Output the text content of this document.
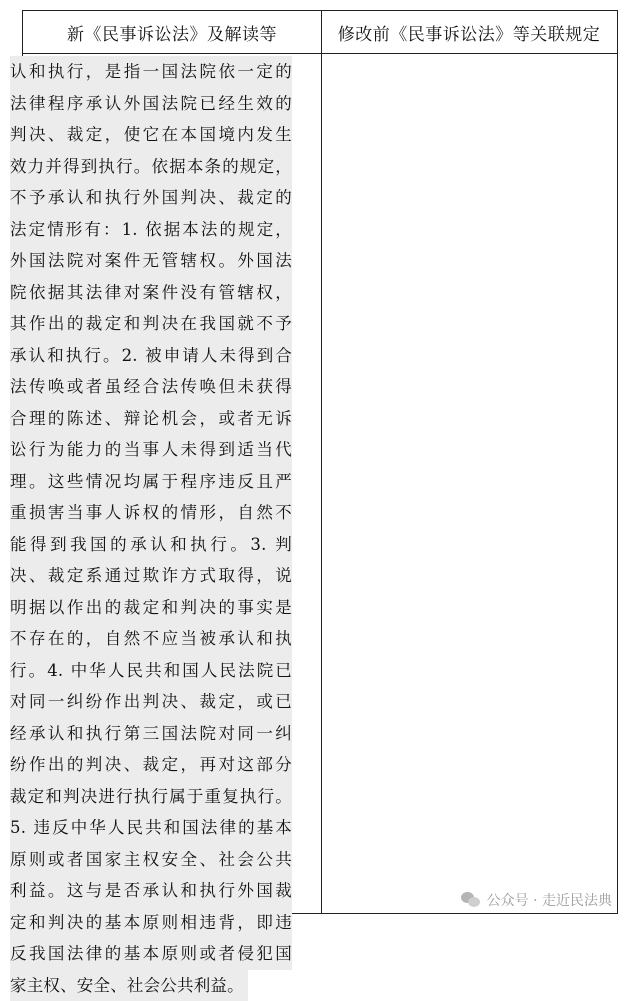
新《民事诉讼法》及解读等	修改前《民事诉讼法》等关联规定
认和执行，是指一国法院依一定的
法律程序承认外国法院已经生效的
判决、裁定，使它在本国境内发生
效力并得到执行。依据本条的规定，
不予承认和执行外国判决、裁定的
法定情形有：1. 依据本法的规定，
外国法院对案件无管辖权。外国法
院依据其法律对案件没有管辖权，
其作出的裁定和判决在我国就不予
承认和执行。2. 被申请人未得到合
法传唤或者虽经合法传唤但未获得
合理的陈述、辩论机会，或者无诉
讼行为能力的当事人未得到适当代
理。这些情况均属于程序违反且严
重损害当事人诉权的情形，自然不
能得到我国的承认和执行。3. 判
决、裁定系通过欺诈方式取得，说
明据以作出的裁定和判决的事实是
不存在的，自然不应当被承认和执
行。4. 中华人民共和国人民法院已
对同一纠纷作出判决、裁定，或已
经承认和执行第三国法院对同一纠
纷作出的判决、裁定，再对这部分
裁定和判决进行执行属于重复执行。
5. 违反中华人民共和国法律的基本
原则或者国家主权安全、社会公共
利益。这与是否承认和执行外国裁
定和判决的基本原则相违背，即违
反我国法律的基本原则或者侵犯国
家主权、安全、社会公共利益。
公众号 · 走近民法典
